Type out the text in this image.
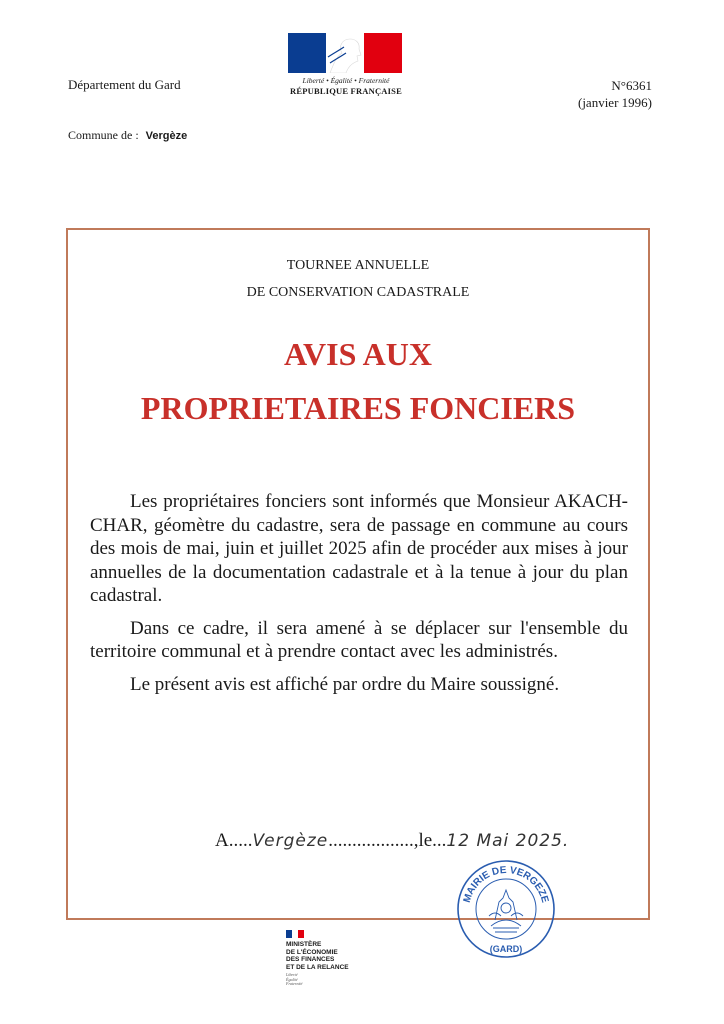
Liberté • Égalité • Fraternité
RÉPUBLIQUE FRANÇAISE
Département du Gard	N°6361
(janvier 1996)
Commune de : Vergèze
TOURNEE ANNUELLE
DE CONSERVATION CADASTRALE
AVIS AUX
PROPRIETAIRES FONCIERS

Les propriétaires fonciers sont informés que Monsieur AKACH-CHAR, géomètre du cadastre, sera de passage en commune au cours des mois de mai, juin et juillet 2025 afin de procéder aux mises à jour annuelles de la documentation cadastrale et à la tenue à jour du plan cadastral.

Dans ce cadre, il sera amené à se déplacer sur l'ensemble du territoire communal et à prendre contact avec les administrés.

Le présent avis est affiché par ordre du Maire soussigné.

A.....Vergèze..................,le...12 Mai 2025.
MAIRIE DE VERGEZE
(GARD)
MINISTÈRE
DE L'ÉCONOMIE
DES FINANCES
ET DE LA RELANCE
Liberté
Égalité
Fraternité
